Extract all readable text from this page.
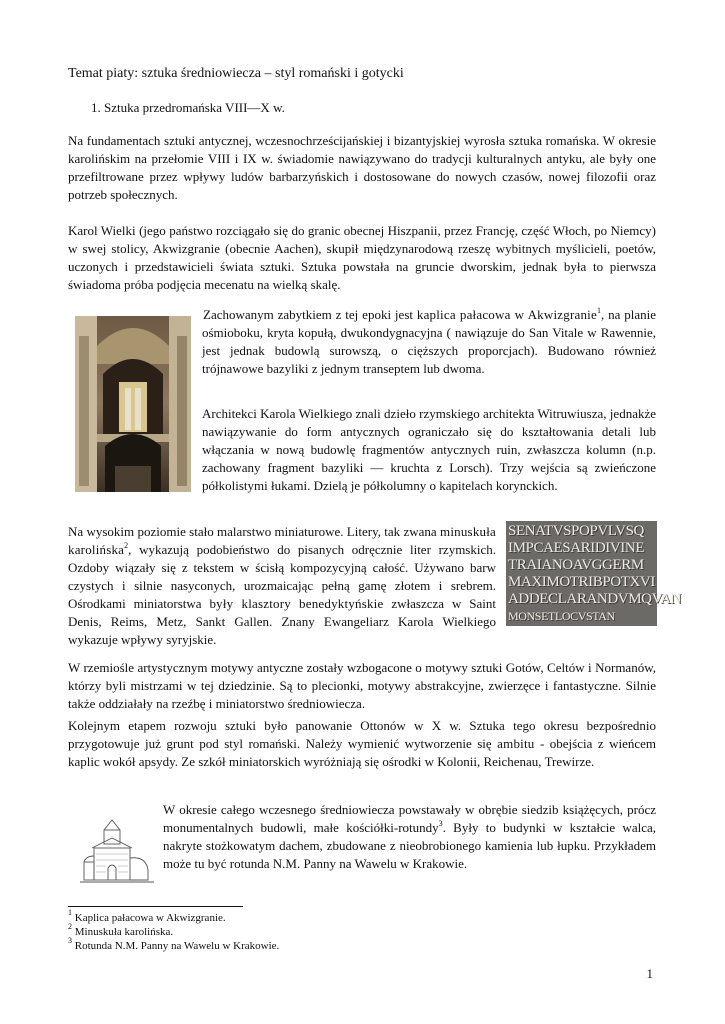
Temat piaty: sztuka średniowiecza – styl romański i gotycki
1. Sztuka przedromańska VIII—X w.

Na fundamentach sztuki antycznej, wczesnochrześcijańskiej i bizantyjskiej wyrosła sztuka romańska. W okresie karolińskim na przełomie VIII i IX w. świadomie nawiązywano do tradycji kulturalnych antyku, ale były one przefiltrowane przez wpływy ludów barbarzyńskich i dostosowane do nowych czasów, nowej filozofii oraz potrzeb społecznych.

Karol Wielki (jego państwo rozciągało się do granic obecnej Hiszpanii, przez Francję, część Włoch, po Niemcy) w swej stolicy, Akwizgranie (obecnie Aachen), skupił międzynarodową rzeszę wybitnych myślicieli, poetów, uczonych i przedstawicieli świata sztuki. Sztuka powstała na gruncie dworskim, jednak była to pierwsza świadoma próba podjęcia mecenatu na wielką skalę.

Zachowanym zabytkiem z tej epoki jest kaplica pałacowa w Akwizgranie$^1$, na planie ośmioboku, kryta kopułą, dwukondygnacyjna ( nawiązuje do San Vitale w Rawennie, jest jednak budowlą surowszą, o cięższych proporcjach). Budowano również trójnawowe bazyliki z jednym transeptem lub dwoma.

Architekci Karola Wielkiego znali dzieło rzymskiego architekta Witruwiusza, jednakże nawiązywanie do form antycznych ograniczało się do kształtowania detali lub włączania w nową budowlę fragmentów antycznych ruin, zwłaszcza kolumn (n.p. zachowany fragment bazyliki — kruchta z Lorsch). Trzy wejścia są zwieńczone półkolistymi łukami. Dzielą je półkolumny o kapitelach korynckich.

Na wysokim poziomie stało malarstwo miniaturowe. Litery, tak zwana minuskuła karolińska$^2$, wykazują podobieństwo do pisanych odręcznie liter rzymskich. Ozdoby wiązały się z tekstem w ścisłą kompozycyjną całość. Używano barw czystych i silnie nasyconych, urozmaicając pełną gamę złotem i srebrem. Ośrodkami miniatorstwa były klasztory benedyktyńskie zwłaszcza w Saint Denis, Reims, Metz, Sankt Gallen. Znany Ewangeliarz Karola Wielkiego wykazuje wpływy syryjskie.

SENATVSPOPVLVSQ
IMPCAESARIDIVINE
TRAIANOAVGGERM
MAXIMOTRIBPOTXVI
ADDECLARANDVMQVAN
MONSETLOCVSTAN

W rzemiośle artystycznym motywy antyczne zostały wzbogacone o motywy sztuki Gotów, Celtów i Normanów, którzy byli mistrzami w tej dziedzinie. Są to plecionki, motywy abstrakcyjne, zwierzęce i fantastyczne. Silnie także oddziałały na rzeźbę i miniatorstwo średniowiecza.

Kolejnym etapem rozwoju sztuki było panowanie Ottonów w X w. Sztuka tego okresu bezpośrednio przygotowuje już grunt pod styl romański. Należy wymienić wytworzenie się ambitu - obejścia z wieńcem kaplic wokół apsydy. Ze szkół miniatorskich wyróżniają się ośrodki w Kolonii, Reichenau, Trewirze.

W okresie całego wczesnego średniowiecza powstawały w obrębie siedzib książęcych, prócz monumentalnych budowli, małe kościółki-rotundy$^3$. Były to budynki w kształcie walca, nakryte stożkowatym dachem, zbudowane z nieobrobionego kamienia lub łupku. Przykładem może tu być rotunda N.M. Panny na Wawelu w Krakowie.

$^1$ Kaplica pałacowa w Akwizgranie.
$^2$ Minuskuła karolińska.
$^3$ Rotunda N.M. Panny na Wawelu w Krakowie.
1
